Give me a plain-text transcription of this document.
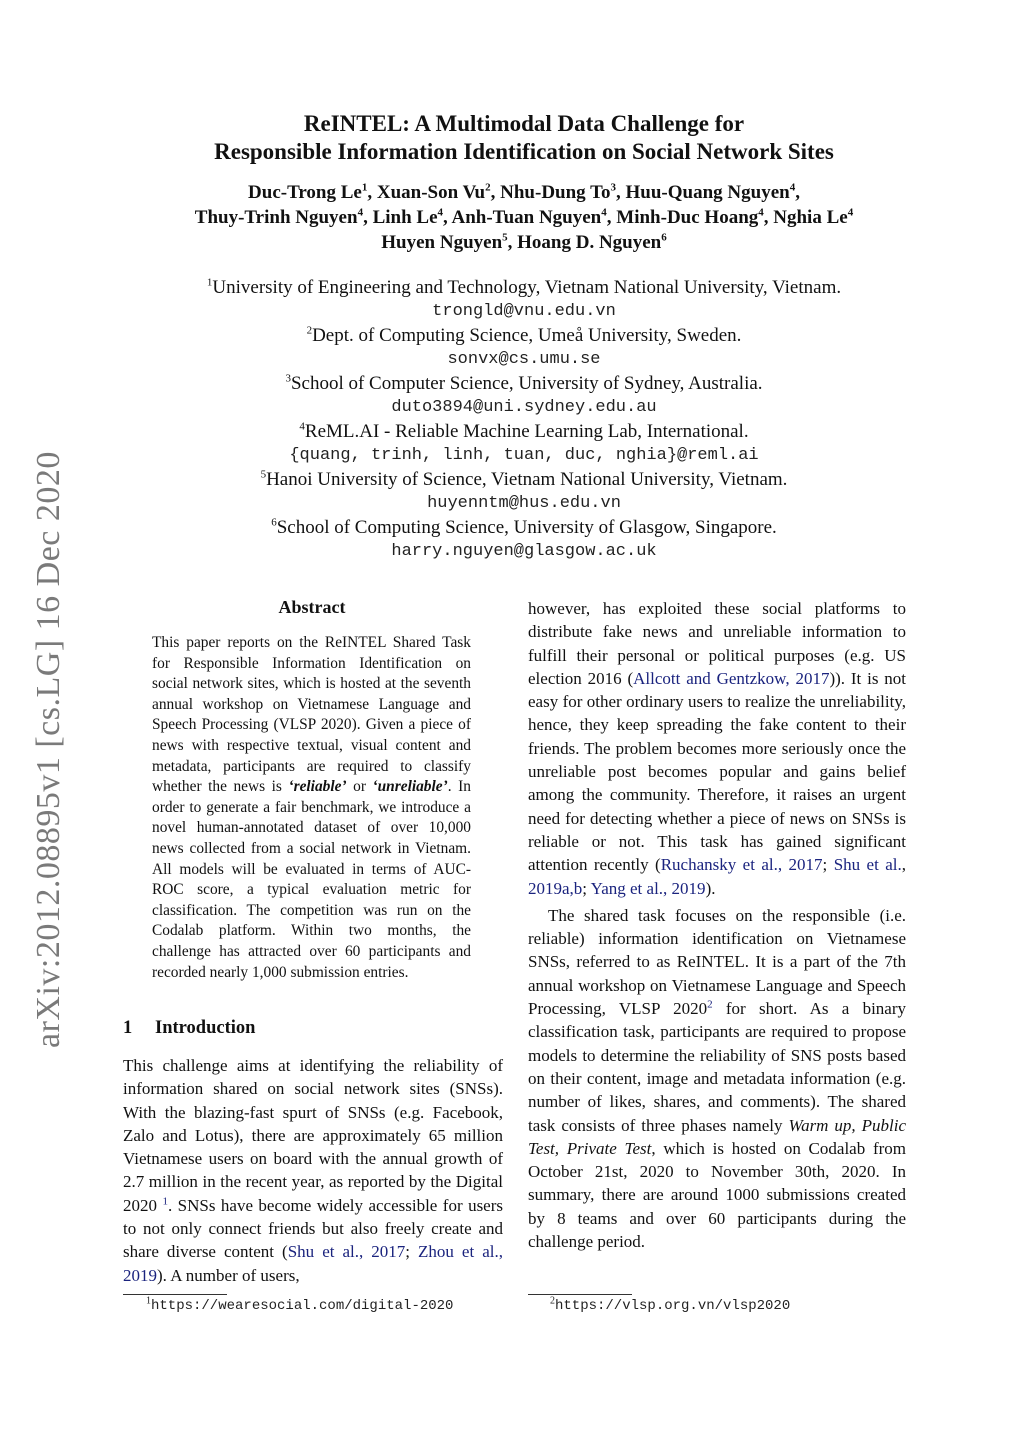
arXiv:2012.08895v1 [cs.LG] 16 Dec 2020
ReINTEL: A Multimodal Data Challenge for
Responsible Information Identification on Social Network Sites
Duc-Trong Le$^1$, Xuan-Son Vu$^2$, Nhu-Dung To$^3$, Huu-Quang Nguyen$^4$,
Thuy-Trinh Nguyen$^4$, Linh Le$^4$, Anh-Tuan Nguyen$^4$, Minh-Duc Hoang$^4$, Nghia Le$^4$
Huyen Nguyen$^5$, Hoang D. Nguyen$^6$
$^1$University of Engineering and Technology, Vietnam National University, Vietnam.
trongld@vnu.edu.vn
$^2$Dept. of Computing Science, Umeå University, Sweden.
sonvx@cs.umu.se
$^3$School of Computer Science, University of Sydney, Australia.
duto3894@uni.sydney.edu.au
$^4$ReML.AI - Reliable Machine Learning Lab, International.
{quang, trinh, linh, tuan, duc, nghia}@reml.ai
$^5$Hanoi University of Science, Vietnam National University, Vietnam.
huyenntm@hus.edu.vn
$^6$School of Computing Science, University of Glasgow, Singapore.
harry.nguyen@glasgow.ac.uk
Abstract
This paper reports on the ReINTEL Shared Task for Responsible Information Identification on social network sites, which is hosted at the seventh annual workshop on Vietnamese Language and Speech Processing (VLSP 2020). Given a piece of news with respective textual, visual content and metadata, participants are required to classify whether the news is ‘reliable’ or ‘unreliable’. In order to generate a fair benchmark, we introduce a novel human-annotated dataset of over 10,000 news collected from a social network in Vietnam. All models will be evaluated in terms of AUC-ROC score, a typical evaluation metric for classification. The competition was run on the Codalab platform. Within two months, the challenge has attracted over 60 participants and recorded nearly 1,000 submission entries.
1 Introduction
This challenge aims at identifying the reliability of information shared on social network sites (SNSs). With the blazing-fast spurt of SNSs (e.g. Facebook, Zalo and Lotus), there are approximately 65 million Vietnamese users on board with the annual growth of 2.7 million in the recent year, as reported by the Digital 2020 $^1$. SNSs have become widely accessible for users to not only connect friends but also freely create and share diverse content (Shu et al., 2017; Zhou et al., 2019). A number of users,

however, has exploited these social platforms to distribute fake news and unreliable information to fulfill their personal or political purposes (e.g. US election 2016 (Allcott and Gentzkow, 2017)). It is not easy for other ordinary users to realize the unreliability, hence, they keep spreading the fake content to their friends. The problem becomes more seriously once the unreliable post becomes popular and gains belief among the community. Therefore, it raises an urgent need for detecting whether a piece of news on SNSs is reliable or not. This task has gained significant attention recently (Ruchansky et al., 2017; Shu et al., 2019a,b; Yang et al., 2019).

The shared task focuses on the responsible (i.e. reliable) information identification on Vietnamese SNSs, referred to as ReINTEL. It is a part of the 7th annual workshop on Vietnamese Language and Speech Processing, VLSP 2020$^2$ for short. As a binary classification task, participants are required to propose models to determine the reliability of SNS posts based on their content, image and metadata information (e.g. number of likes, shares, and comments). The shared task consists of three phases namely Warm up, Public Test, Private Test, which is hosted on Codalab from October 21st, 2020 to November 30th, 2020. In summary, there are around 1000 submissions created by 8 teams and over 60 participants during the challenge period.

$^1$https://wearesocial.com/digital-2020	$^2$https://vlsp.org.vn/vlsp2020
